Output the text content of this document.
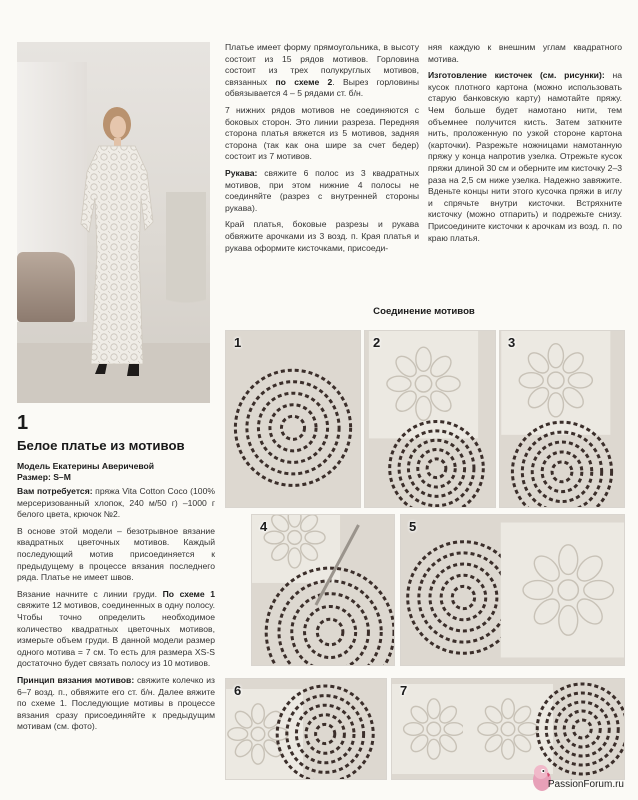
1
Белое платье из мотивов
Модель Екатерины Аверичевой
Размер: S–M

Вам потребуется: пряжа Vita Cotton Coco (100% мерсеризованный хлопок, 240 м/50 г) –1000 г белого цвета, крючок №2.

В основе этой модели – безотрывное вязание квадратных цветочных мотивов. Каждый последующий мотив присоединяется к предыдущему в процессе вязания последнего ряда. Платье не имеет швов.

Вязание начните с линии груди. По схеме 1 свяжите 12 мотивов, соединенных в одну полосу. Чтобы точно определить необходимое количество квадратных цветочных мотивов, измерьте объем груди. В данной модели размер одного мотива = 7 см. То есть для размера XS-S достаточно будет связать полосу из 10 мотивов.

Принцип вязания мотивов: свяжите колечко из 6–7 возд. п., обвяжите его ст. б/н. Далее вяжите по схеме 1. Последующие мотивы в процессе вязания сразу присоединяйте к предыдущим мотивам (см. фото).

Платье имеет форму прямоугольника, в высоту состоит из 15 рядов мотивов. Горловина состоит из трех полукруглых мотивов, связанных по схеме 2. Вырез горловины обвязывается 4 – 5 рядами ст. б/н.

7 нижних рядов мотивов не соединяются с боковых сторон. Это линии разреза. Передняя сторона платья вяжется из 5 мотивов, задняя сторона (так как она шире за счет бедер) состоит из 7 мотивов.

Рукава: свяжите 6 полос из 3 квадратных мотивов, при этом нижние 4 полосы не соединяйте (разрез с внутренней стороны рукава).

Край платья, боковые разрезы и рукава обвяжите арочками из 3 возд. п. Края платья и рукава оформите кисточками, присоеди-

няя каждую к внешним углам квадратного мотива.

Изготовление кисточек (см. рисунки): на кусок плотного картона (можно использовать старую банковскую карту) намотайте пряжу. Чем больше будет намотано нити, тем объемнее получится кисть. Затем заткните нить, проложенную по узкой стороне картона (карточки). Разрежьте ножницами намотанную пряжу у конца напротив узелка. Отрежьте кусок пряжи длиной 30 см и оберните им кисточку 2–3 раза на 2,5 см ниже узелка. Надежно завяжите. Вденьте концы нити этого кусочка пряжи в иглу и спрячьте внутри кисточки. Встряхните кисточку (можно отпарить) и подрежьте снизу. Присоедините кисточки к арочкам из возд. п. по краю платья.

Соединение мотивов
1	2	3
4	5
6	7
PassionForum.ru
